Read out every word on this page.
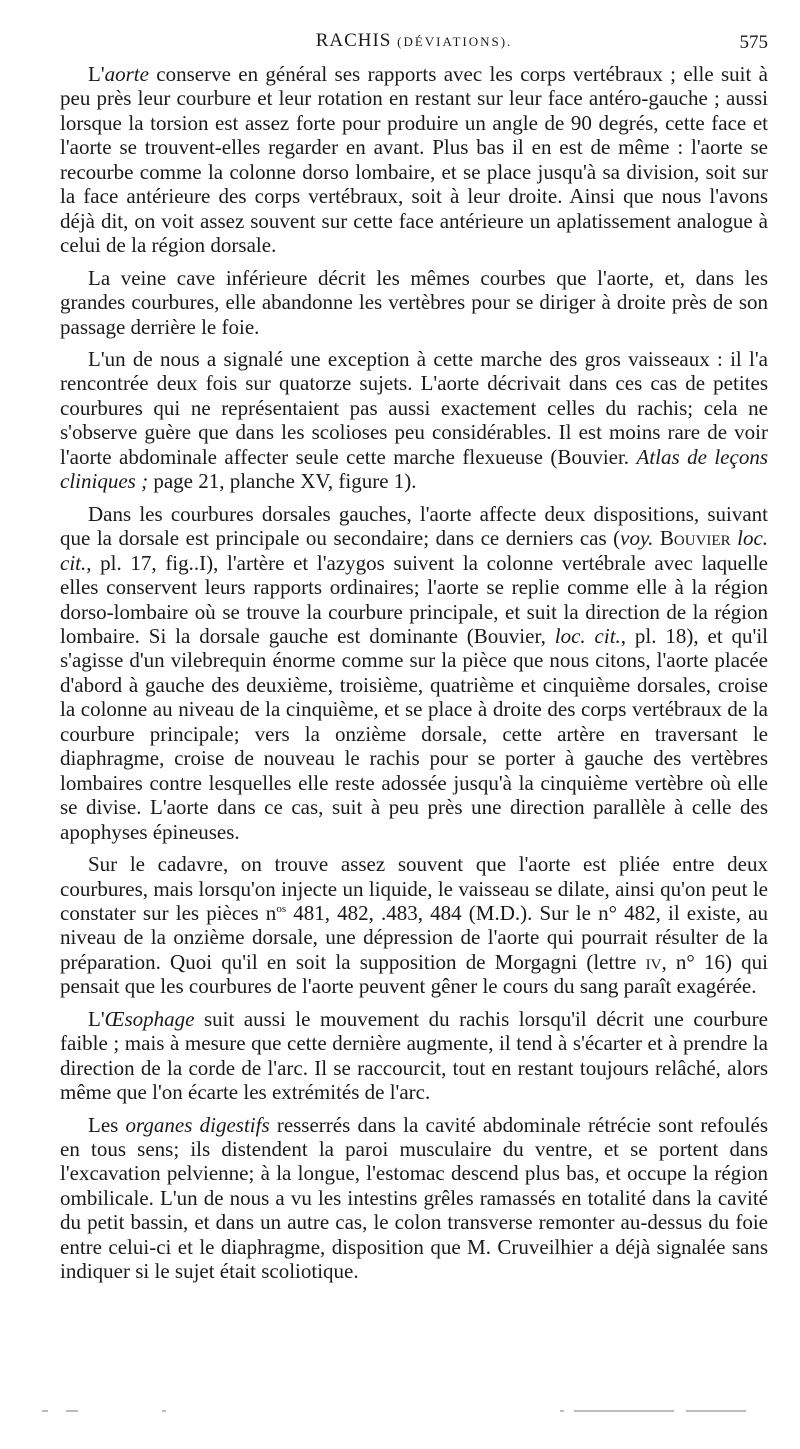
RACHIS (DÉVIATIONS).	575

L'aorte conserve en général ses rapports avec les corps vertébraux ; elle suit à peu près leur courbure et leur rotation en restant sur leur face antéro-gauche ; aussi lorsque la torsion est assez forte pour produire un angle de 90 degrés, cette face et l'aorte se trouvent-elles regarder en avant. Plus bas il en est de même : l'aorte se recourbe comme la colonne dorso lombaire, et se place jusqu'à sa division, soit sur la face antérieure des corps vertébraux, soit à leur droite. Ainsi que nous l'avons déjà dit, on voit assez souvent sur cette face antérieure un aplatissement analogue à celui de la région dorsale.

La veine cave inférieure décrit les mêmes courbes que l'aorte, et, dans les grandes courbures, elle abandonne les vertèbres pour se diriger à droite près de son passage derrière le foie.

L'un de nous a signalé une exception à cette marche des gros vaisseaux : il l'a rencontrée deux fois sur quatorze sujets. L'aorte décrivait dans ces cas de petites courbures qui ne représentaient pas aussi exactement celles du rachis; cela ne s'observe guère que dans les scolioses peu considérables. Il est moins rare de voir l'aorte abdominale affecter seule cette marche flexueuse (Bouvier. Atlas de leçons cliniques ; page 21, planche XV, figure 1).

Dans les courbures dorsales gauches, l'aorte affecte deux dispositions, suivant que la dorsale est principale ou secondaire; dans ce derniers cas (voy. Bouvier loc. cit., pl. 17, fig..I), l'artère et l'azygos suivent la colonne vertébrale avec laquelle elles conservent leurs rapports ordinaires; l'aorte se replie comme elle à la région dorso-lombaire où se trouve la courbure principale, et suit la direction de la région lombaire. Si la dorsale gauche est dominante (Bouvier, loc. cit., pl. 18), et qu'il s'agisse d'un vilebrequin énorme comme sur la pièce que nous citons, l'aorte placée d'abord à gauche des deuxième, troisième, quatrième et cinquième dorsales, croise la colonne au niveau de la cinquième, et se place à droite des corps vertébraux de la courbure principale; vers la onzième dorsale, cette artère en traversant le diaphragme, croise de nouveau le rachis pour se porter à gauche des vertèbres lombaires contre lesquelles elle reste adossée jusqu'à la cinquième vertèbre où elle se divise. L'aorte dans ce cas, suit à peu près une direction parallèle à celle des apophyses épineuses.

Sur le cadavre, on trouve assez souvent que l'aorte est pliée entre deux courbures, mais lorsqu'on injecte un liquide, le vaisseau se dilate, ainsi qu'on peut le constater sur les pièces $n^{os}$ 481, 482, .483, 484 (M.D.). Sur le n° 482, il existe, au niveau de la onzième dorsale, une dépression de l'aorte qui pourrait résulter de la préparation. Quoi qu'il en soit la supposition de Morgagni (lettre iv, n° 16) qui pensait que les courbures de l'aorte peuvent gêner le cours du sang paraît exagérée.

L'Œsophage suit aussi le mouvement du rachis lorsqu'il décrit une courbure faible ; mais à mesure que cette dernière augmente, il tend à s'écarter et à prendre la direction de la corde de l'arc. Il se raccourcit, tout en restant toujours relâché, alors même que l'on écarte les extrémités de l'arc.

Les organes digestifs resserrés dans la cavité abdominale rétrécie sont refoulés en tous sens; ils distendent la paroi musculaire du ventre, et se portent dans l'excavation pelvienne; à la longue, l'estomac descend plus bas, et occupe la région ombilicale. L'un de nous a vu les intestins grêles ramassés en totalité dans la cavité du petit bassin, et dans un autre cas, le colon transverse remonter au-dessus du foie entre celui-ci et le diaphragme, disposition que M. Cruveilhier a déjà signalée sans indiquer si le sujet était scoliotique.
